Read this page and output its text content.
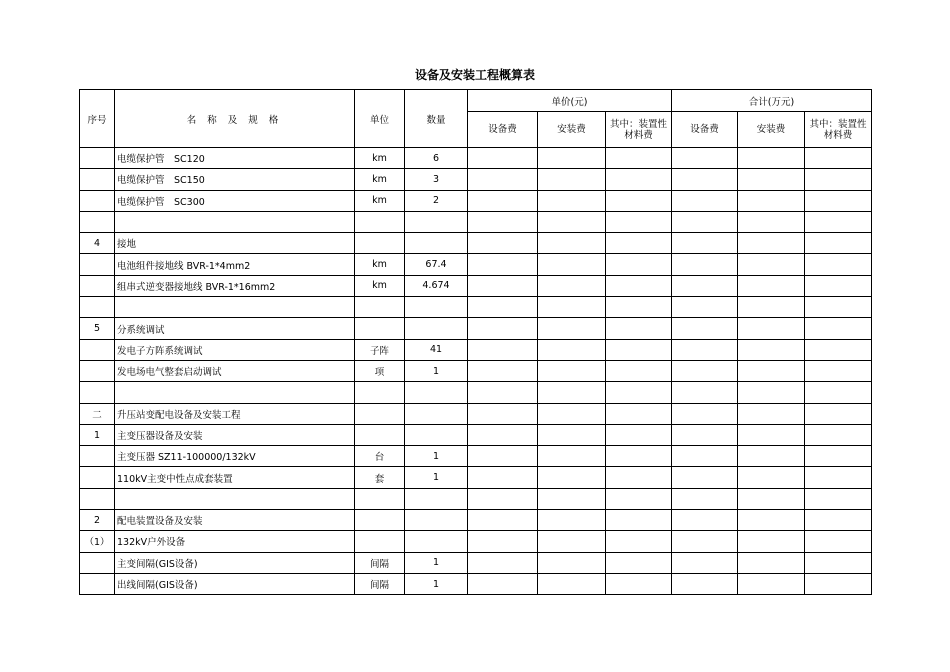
设备及安装工程概算表
序号	名 称 及 规 格	单位	数量	单价(元)			合计(万元)		
				设备费	安装费	其中：装置性材料费	设备费	安装费	其中：装置性材料费
	电缆保护管　SC120	km	6						
	电缆保护管　SC150	km	3						
	电缆保护管　SC300	km	2						

4	接地								
	电池组件接地线 BVR-1*4mm2	km	67.4						
	组串式逆变器接地线 BVR-1*16mm2	km	4.674						

5	分系统调试								
	发电子方阵系统调试	子阵	41						
	发电场电气整套启动调试	项	1						

二	升压站变配电设备及安装工程								
1	主变压器设备及安装								
	主变压器 SZ11-100000/132kV	台	1						
	110kV主变中性点成套装置	套	1						

2	配电装置设备及安装								
（1）	132kV户外设备								
	主变间隔(GIS设备)	间隔	1						
	出线间隔(GIS设备)	间隔	1						
